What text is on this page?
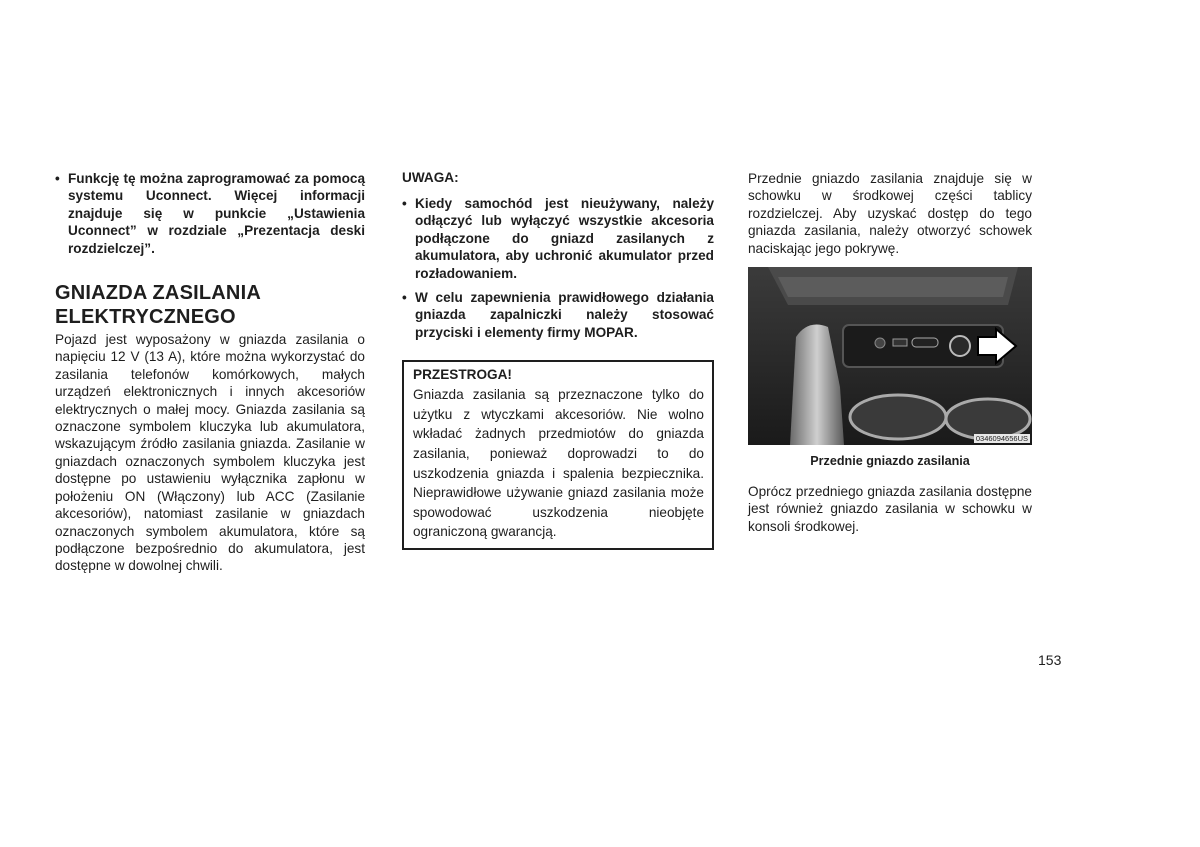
• Funkcję tę można zaprogramować za pomocą systemu Uconnect. Więcej informacji znajduje się w punkcie „Ustawienia Uconnect” w rozdziale „Prezentacja deski rozdzielczej”.
GNIAZDA ZASILANIA
ELEKTRYCZNEGO

Pojazd jest wyposażony w gniazda zasilania o napięciu 12 V (13 A), które można wykorzystać do zasilania telefonów komórkowych, małych urządzeń elektronicznych i innych akcesoriów elektrycznych o małej mocy. Gniazda zasilania są oznaczone symbolem kluczyka lub akumulatora, wskazującym źródło zasilania gniazda. Zasilanie w gniazdach oznaczonych symbolem kluczyka jest dostępne po ustawieniu wyłącznika zapłonu w położeniu ON (Włączony) lub ACC (Zasilanie akcesoriów), natomiast zasilanie w gniazdach oznaczonych symbolem akumulatora, które są podłączone bezpośrednio do akumulatora, jest dostępne w dowolnej chwili.

UWAGA:

• Kiedy samochód jest nieużywany, należy odłączyć lub wyłączyć wszystkie akcesoria podłączone do gniazd zasilanych z akumulatora, aby uchronić akumulator przed rozładowaniem.
• W celu zapewnienia prawidłowego działania gniazda zapalniczki należy stosować przyciski i elementy firmy MOPAR.
PRZESTROGA!

Gniazda zasilania są przeznaczone tylko do użytku z wtyczkami akcesoriów. Nie wolno wkładać żadnych przedmiotów do gniazda zasilania, ponieważ doprowadzi to do uszkodzenia gniazda i spalenia bezpiecznika. Nieprawidłowe używanie gniazd zasilania może spowodować uszkodzenia nieobjęte ograniczoną gwarancją.

Przednie gniazdo zasilania znajduje się w schowku w środkowej części tablicy rozdzielczej. Aby uzyskać dostęp do tego gniazda zasilania, należy otworzyć schowek naciskając jego pokrywę.

0346094656US

Przednie gniazdo zasilania

Oprócz przedniego gniazda zasilania dostępne jest również gniazdo zasilania w schowku w konsoli środkowej.

153
